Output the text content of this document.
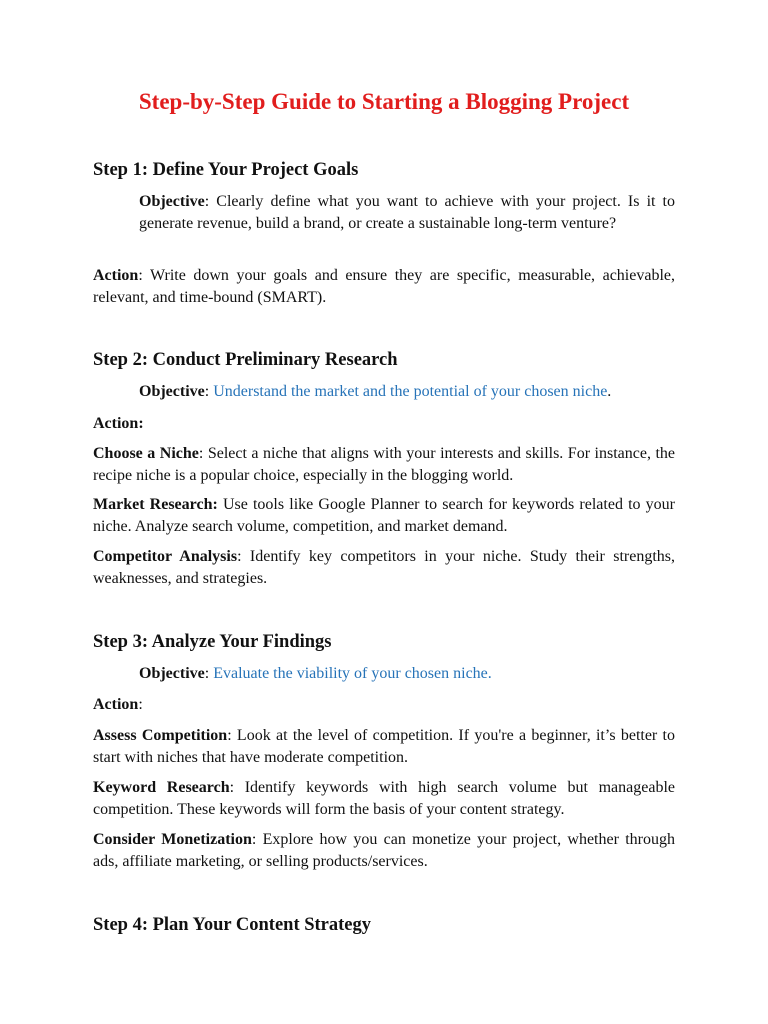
Step-by-Step Guide to Starting a Blogging Project
Step 1: Define Your Project Goals

Objective: Clearly define what you want to achieve with your project. Is it to generate revenue, build a brand, or create a sustainable long-term venture?

Action: Write down your goals and ensure they are specific, measurable, achievable, relevant, and time-bound (SMART).

Step 2: Conduct Preliminary Research

Objective: Understand the market and the potential of your chosen niche.

Action:

Choose a Niche: Select a niche that aligns with your interests and skills. For instance, the recipe niche is a popular choice, especially in the blogging world.

Market Research: Use tools like Google Planner to search for keywords related to your niche. Analyze search volume, competition, and market demand.

Competitor Analysis: Identify key competitors in your niche. Study their strengths, weaknesses, and strategies.

Step 3: Analyze Your Findings

Objective: Evaluate the viability of your chosen niche.

Action:

Assess Competition: Look at the level of competition. If you're a beginner, it’s better to start with niches that have moderate competition.

Keyword Research: Identify keywords with high search volume but manageable competition. These keywords will form the basis of your content strategy.

Consider Monetization: Explore how you can monetize your project, whether through ads, affiliate marketing, or selling products/services.

Step 4: Plan Your Content Strategy
